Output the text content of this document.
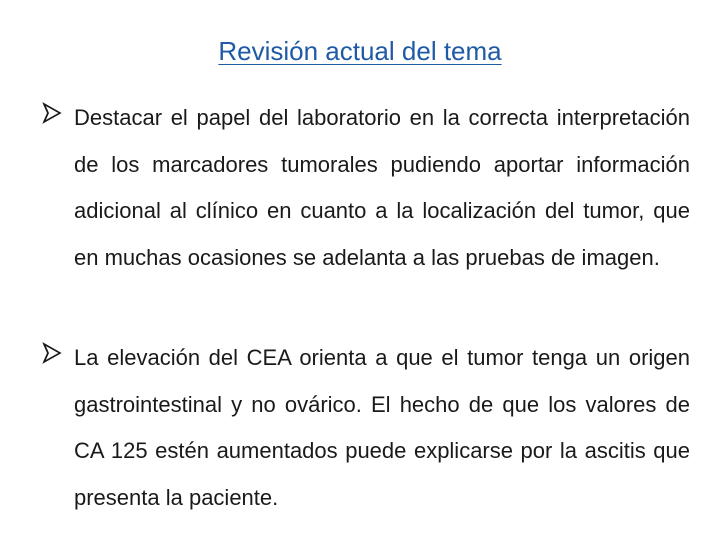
Revisión actual del tema
Destacar el papel del laboratorio en la correcta interpretación de los marcadores tumorales pudiendo aportar información adicional al clínico en cuanto a la localización del tumor, que en muchas ocasiones se adelanta a las pruebas de imagen.
La elevación del CEA orienta a que el tumor tenga un origen gastrointestinal y no ovárico. El hecho de que los valores de CA 125 estén aumentados puede explicarse por la ascitis que presenta la paciente.
